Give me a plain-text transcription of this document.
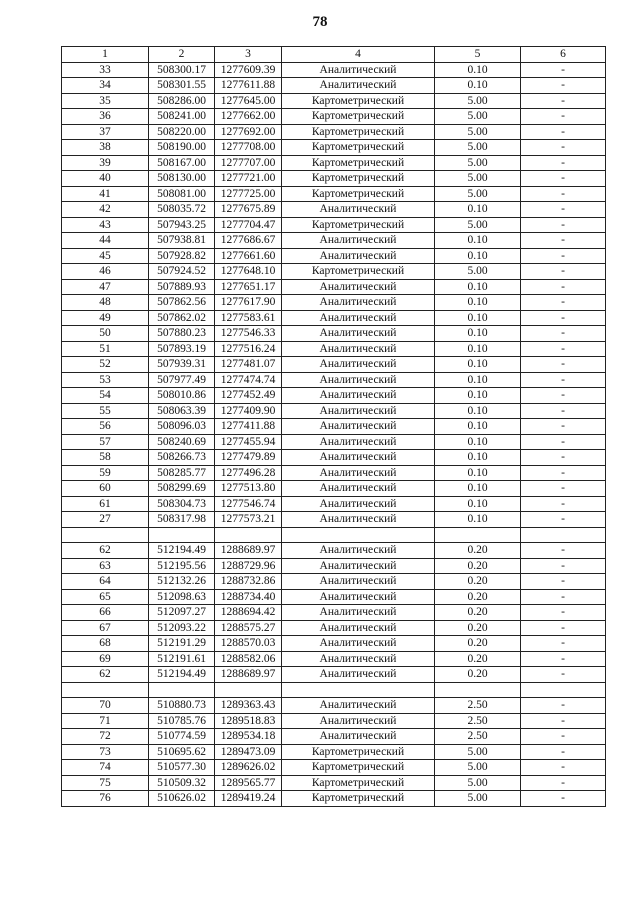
78
1	2	3	4	5	6
33	508300.17	1277609.39	Аналитический	0.10	-
34	508301.55	1277611.88	Аналитический	0.10	-
35	508286.00	1277645.00	Картометрический	5.00	-
36	508241.00	1277662.00	Картометрический	5.00	-
37	508220.00	1277692.00	Картометрический	5.00	-
38	508190.00	1277708.00	Картометрический	5.00	-
39	508167.00	1277707.00	Картометрический	5.00	-
40	508130.00	1277721.00	Картометрический	5.00	-
41	508081.00	1277725.00	Картометрический	5.00	-
42	508035.72	1277675.89	Аналитический	0.10	-
43	507943.25	1277704.47	Картометрический	5.00	-
44	507938.81	1277686.67	Аналитический	0.10	-
45	507928.82	1277661.60	Аналитический	0.10	-
46	507924.52	1277648.10	Картометрический	5.00	-
47	507889.93	1277651.17	Аналитический	0.10	-
48	507862.56	1277617.90	Аналитический	0.10	-
49	507862.02	1277583.61	Аналитический	0.10	-
50	507880.23	1277546.33	Аналитический	0.10	-
51	507893.19	1277516.24	Аналитический	0.10	-
52	507939.31	1277481.07	Аналитический	0.10	-
53	507977.49	1277474.74	Аналитический	0.10	-
54	508010.86	1277452.49	Аналитический	0.10	-
55	508063.39	1277409.90	Аналитический	0.10	-
56	508096.03	1277411.88	Аналитический	0.10	-
57	508240.69	1277455.94	Аналитический	0.10	-
58	508266.73	1277479.89	Аналитический	0.10	-
59	508285.77	1277496.28	Аналитический	0.10	-
60	508299.69	1277513.80	Аналитический	0.10	-
61	508304.73	1277546.74	Аналитический	0.10	-
27	508317.98	1277573.21	Аналитический	0.10	-

62	512194.49	1288689.97	Аналитический	0.20	-
63	512195.56	1288729.96	Аналитический	0.20	-
64	512132.26	1288732.86	Аналитический	0.20	-
65	512098.63	1288734.40	Аналитический	0.20	-
66	512097.27	1288694.42	Аналитический	0.20	-
67	512093.22	1288575.27	Аналитический	0.20	-
68	512191.29	1288570.03	Аналитический	0.20	-
69	512191.61	1288582.06	Аналитический	0.20	-
62	512194.49	1288689.97	Аналитический	0.20	-

70	510880.73	1289363.43	Аналитический	2.50	-
71	510785.76	1289518.83	Аналитический	2.50	-
72	510774.59	1289534.18	Аналитический	2.50	-
73	510695.62	1289473.09	Картометрический	5.00	-
74	510577.30	1289626.02	Картометрический	5.00	-
75	510509.32	1289565.77	Картометрический	5.00	-
76	510626.02	1289419.24	Картометрический	5.00	-
